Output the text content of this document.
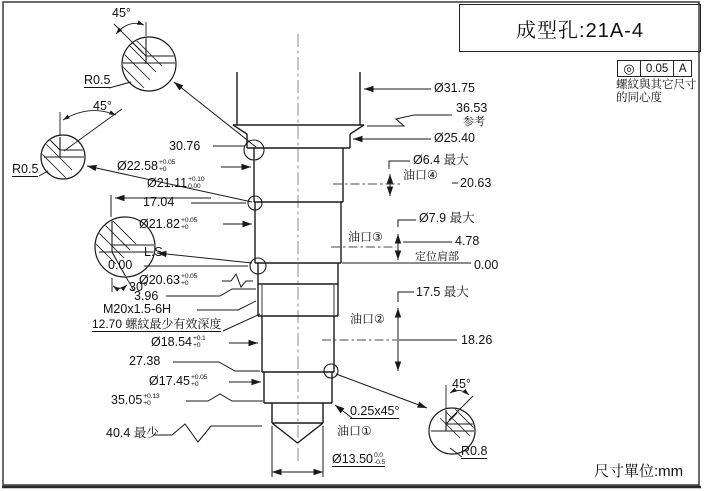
成型孔:21A-4
◎ 0.05 A
螺紋與其它尺寸
的同心度
尺寸單位:mm
45°
R0.5
45°
R0.5
30°
45°
R0.8
30.76
Ø22.58 +0.05
+0
Ø21.11 +0.10
0.00
17.04
Ø21.82 +0.05
+0
L.S.
0.00
Ø20.63 +0.05
+0
3.96
M20x1.5-6H
12.70 螺紋最少有效深度
Ø18.54 +0.1
+0
27.38
Ø17.45 +0.05
+0
35.05 +0.13
+0
40.4 最少
Ø31.75
36.53
参考
Ø25.40
Ø6.4 最大
油口④
20.63
Ø7.9 最大
油口③	4.78
定位肩部
0.00
17.5 最大
油口②
18.26
0.25x45°
油口①
Ø13.50 0.0
-0.5
